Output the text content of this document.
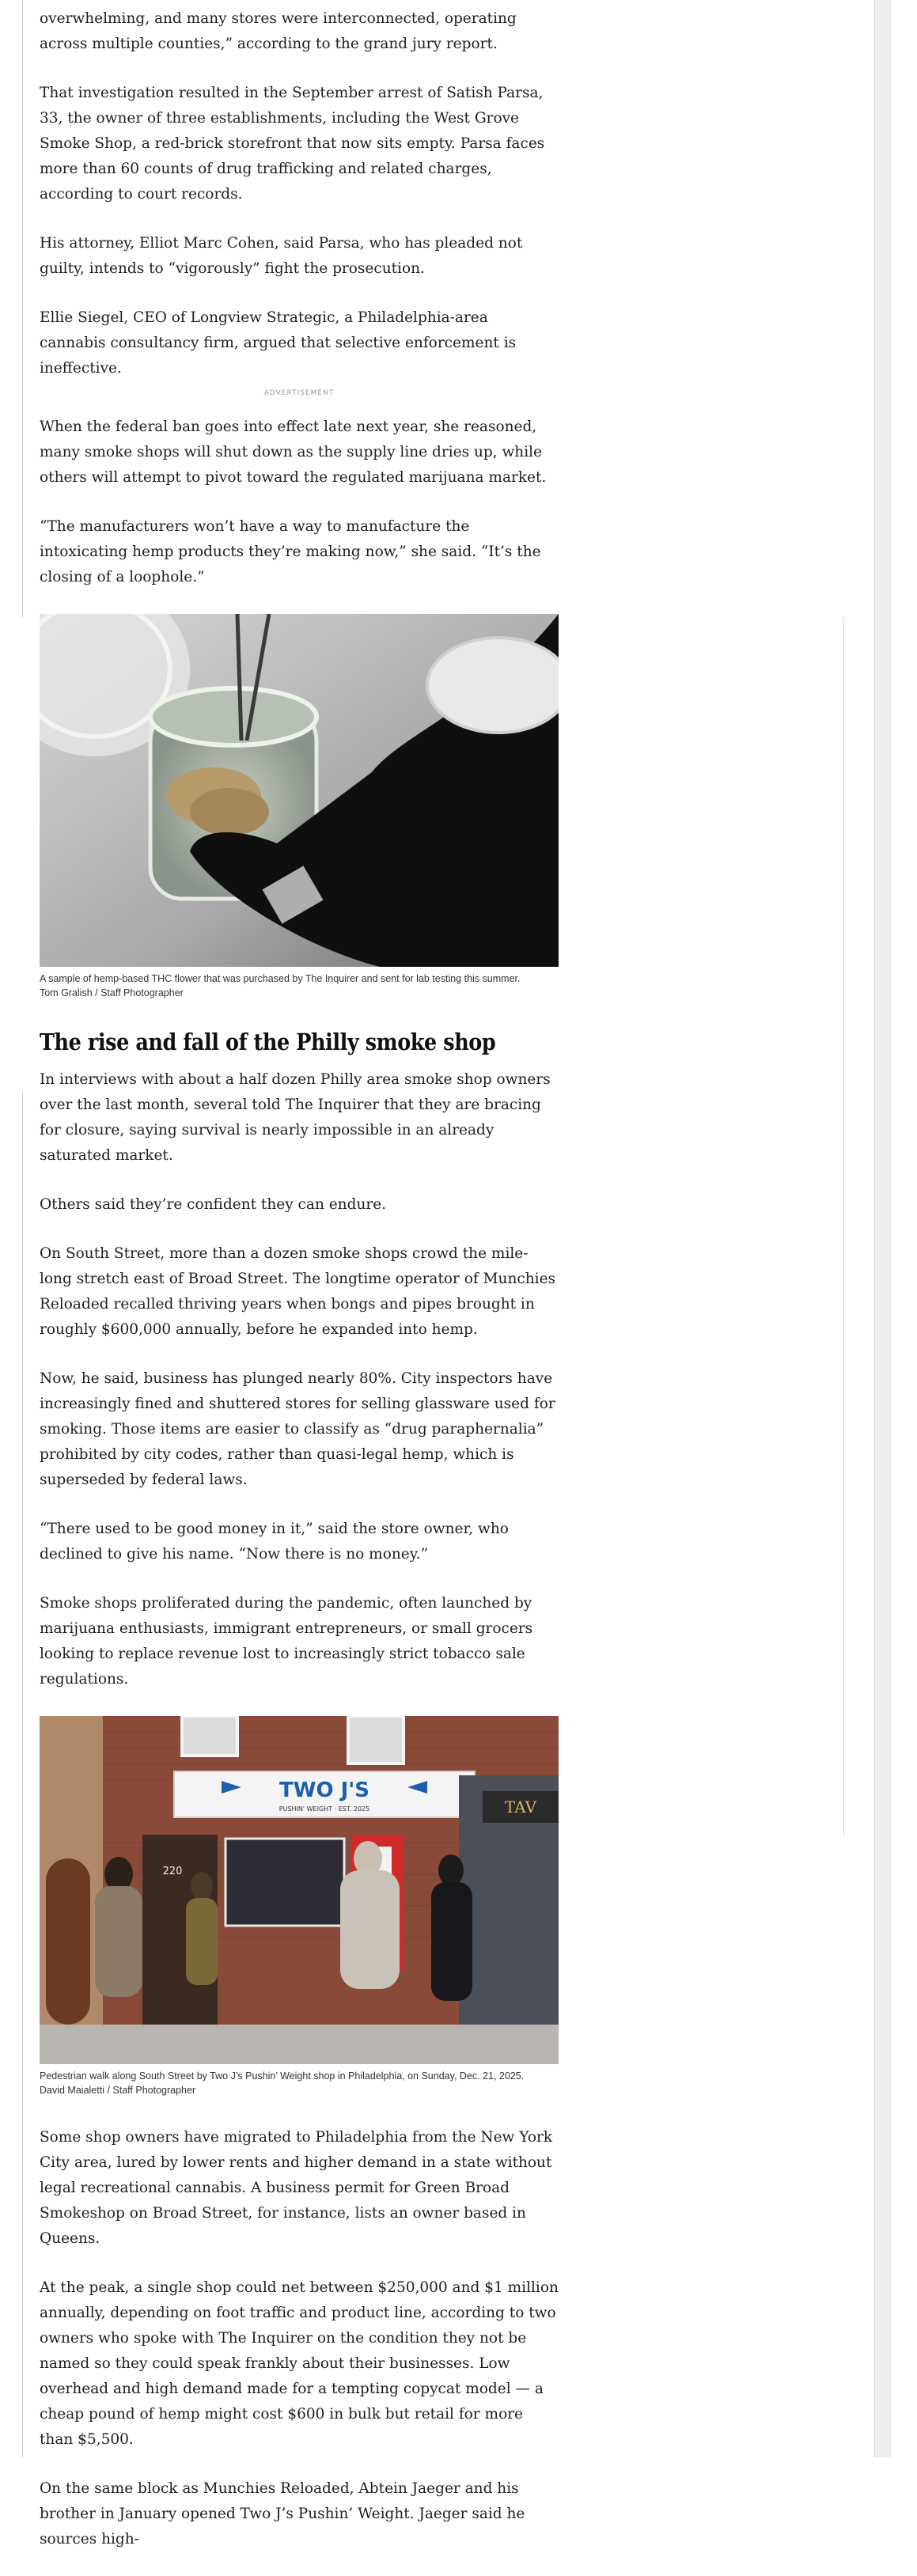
overwhelming, and many stores were interconnected, operating across multiple counties,” according to the grand jury report.

That investigation resulted in the September arrest of Satish Parsa, 33, the owner of three establishments, including the West Grove Smoke Shop, a red-brick storefront that now sits empty. Parsa faces more than 60 counts of drug trafficking and related charges, according to court records.

His attorney, Elliot Marc Cohen, said Parsa, who has pleaded not guilty, intends to “vigorously” fight the prosecution.

Ellie Siegel, CEO of Longview Strategic, a Philadelphia-area cannabis consultancy firm, argued that selective enforcement is ineffective.

ADVERTISEMENT

When the federal ban goes into effect late next year, she reasoned, many smoke shops will shut down as the supply line dries up, while others will attempt to pivot toward the regulated marijuana market.

“The manufacturers won’t have a way to manufacture the intoxicating hemp products they’re making now,” she said. “It’s the closing of a loophole.”

A sample of hemp-based THC flower that was purchased by The Inquirer and sent for lab testing this summer.
Tom Gralish / Staff Photographer
The rise and fall of the Philly smoke shop

In interviews with about a half dozen Philly area smoke shop owners over the last month, several told The Inquirer that they are bracing for closure, saying survival is nearly impossible in an already saturated market.

Others said they’re confident they can endure.

On South Street, more than a dozen smoke shops crowd the mile-long stretch east of Broad Street. The longtime operator of Munchies Reloaded recalled thriving years when bongs and pipes brought in roughly $600,000 annually, before he expanded into hemp.

Now, he said, business has plunged nearly 80%. City inspectors have increasingly fined and shuttered stores for selling glassware used for smoking. Those items are easier to classify as “drug paraphernalia” prohibited by city codes, rather than quasi-legal hemp, which is superseded by federal laws.

“There used to be good money in it,” said the store owner, who declined to give his name. “Now there is no money.”

Smoke shops proliferated during the pandemic, often launched by marijuana enthusiasts, immigrant entrepreneurs, or small grocers looking to replace revenue lost to increasingly strict tobacco sale regulations.

TWO J'S
PUSHIN' WEIGHT · EST. 2025
220
TAV
Pedestrian walk along South Street by Two J’s Pushin’ Weight shop in Philadelphia, on Sunday, Dec. 21, 2025.
David Maialetti / Staff Photographer

Some shop owners have migrated to Philadelphia from the New York City area, lured by lower rents and higher demand in a state without legal recreational cannabis. A business permit for Green Broad Smokeshop on Broad Street, for instance, lists an owner based in Queens.

At the peak, a single shop could net between $250,000 and $1 million annually, depending on foot traffic and product line, according to two owners who spoke with The Inquirer on the condition they not be named so they could speak frankly about their businesses. Low overhead and high demand made for a tempting copycat model — a cheap pound of hemp might cost $600 in bulk but retail for more than $5,500.

On the same block as Munchies Reloaded, Abtein Jaeger and his brother in January opened Two J’s Pushin’ Weight. Jaeger said he sources high-
